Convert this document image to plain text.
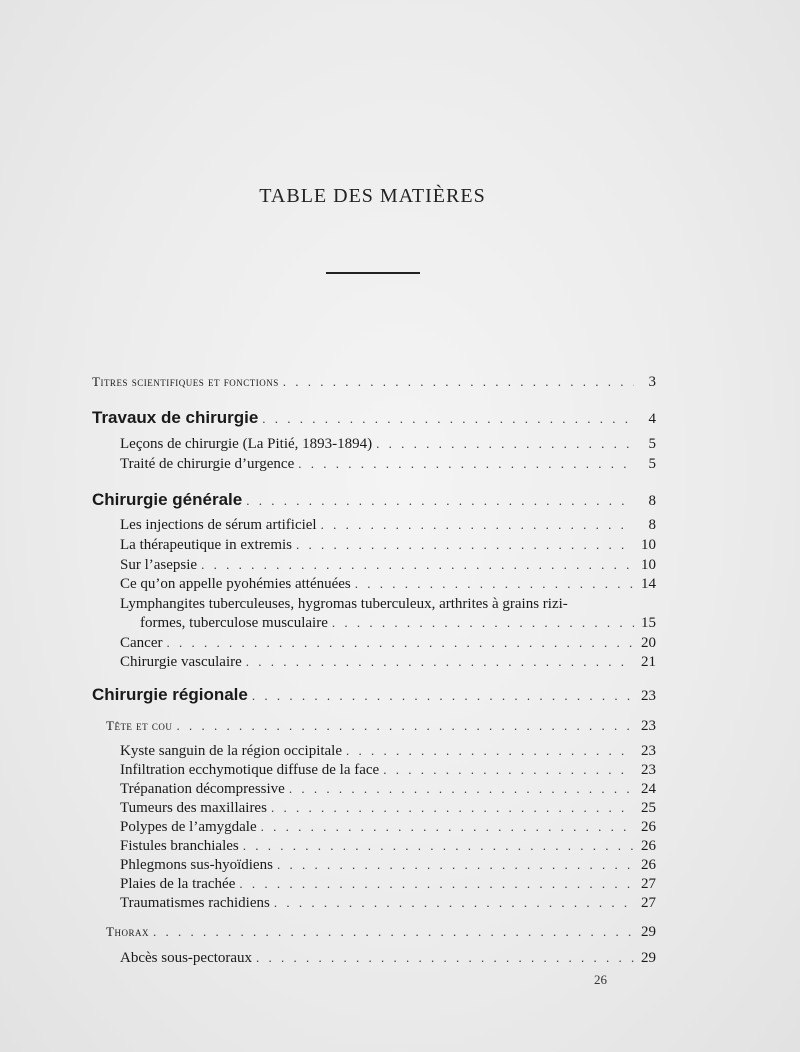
TABLE DES MATIÈRES
Titres scientifiques et fonctions . . .	3
Travaux de chirurgie . . .	4
Leçons de chirurgie (La Pitié, 1893-1894) . . .	5
Traité de chirurgie d’urgence . . .	5
Chirurgie générale . . .	8
Les injections de sérum artificiel . . .	8
La thérapeutique in extremis . . .	10
Sur l’asepsie . . .	10
Ce qu’on appelle pyohémies atténuées . . .	14
Lymphangites tuberculeuses, hygromas tuberculeux, arthrites à grains rizi-
formes, tuberculose musculaire . . .	15
Cancer . . .	20
Chirurgie vasculaire . . .	21
Chirurgie régionale . . .	23
Tête et cou . . .	23
Kyste sanguin de la région occipitale . . .	23
Infiltration ecchymotique diffuse de la face . . .	23
Trépanation décompressive . . .	24
Tumeurs des maxillaires . . .	25
Polypes de l’amygdale . . .	26
Fistules branchiales . . .	26
Phlegmons sus-hyoïdiens . . .	26
Plaies de la trachée . . .	27
Traumatismes rachidiens . . .	27
Thorax . . .	29
Abcès sous-pectoraux . . .	29
26
